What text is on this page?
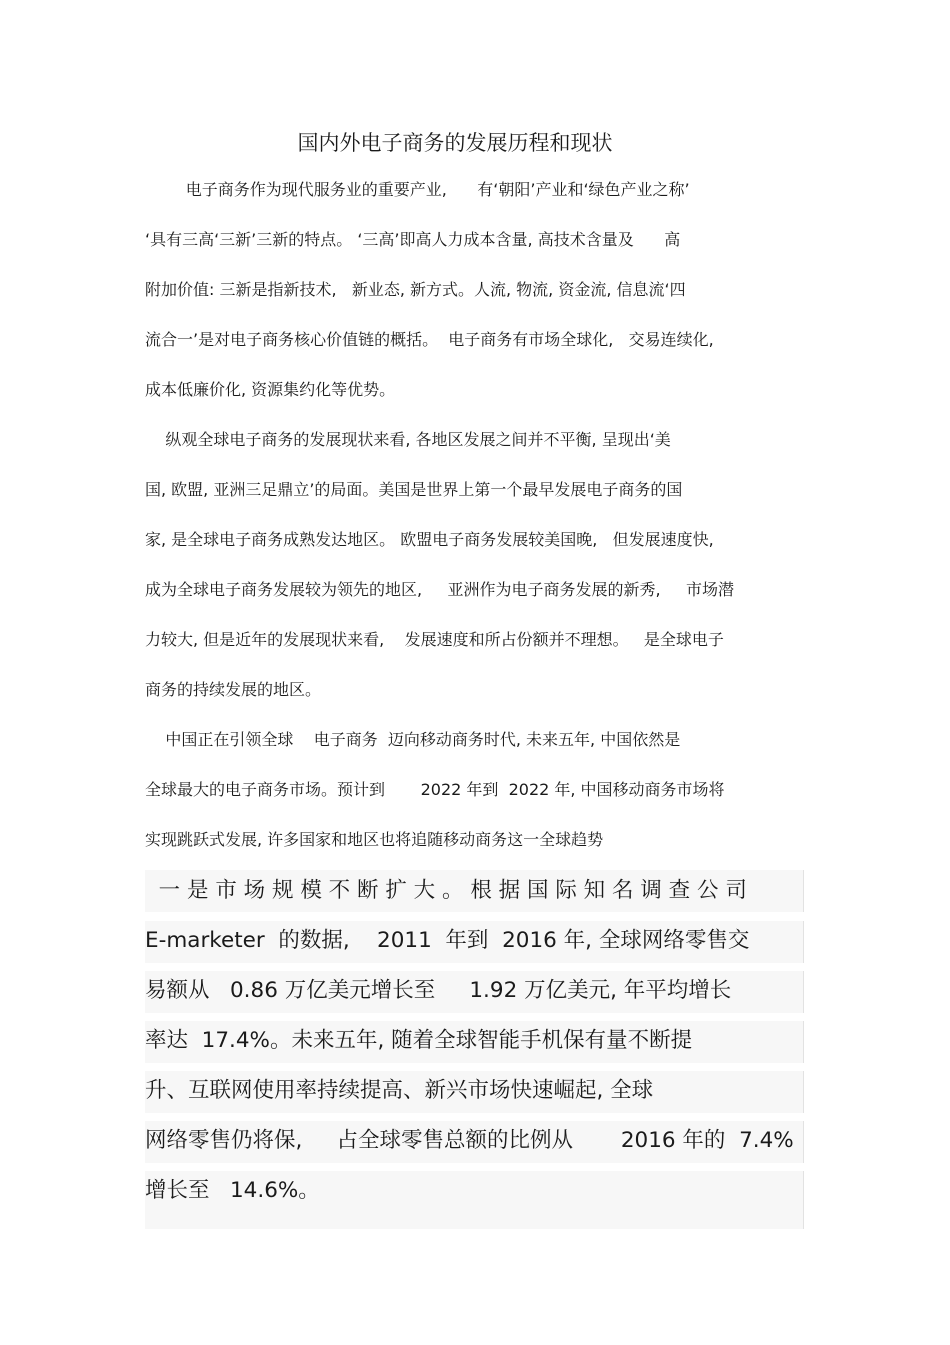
国内外电子商务的发展历程和现状
电子商务作为现代服务业的重要产业,      有‘朝阳’产业和‘绿色产业之称’
‘具有三高‘三新’三新的特点。 ‘三高’即高人力成本含量, 高技术含量及      高
附加价值: 三新是指新技术,   新业态, 新方式。人流, 物流, 资金流, 信息流‘四
流合一’是对电子商务核心价值链的概括。  电子商务有市场全球化,   交易连续化,
成本低廉价化, 资源集约化等优势。
纵观全球电子商务的发展现状来看, 各地区发展之间并不平衡, 呈现出‘美
国, 欧盟, 亚洲三足鼎立’的局面。美国是世界上第一个最早发展电子商务的国
家, 是全球电子商务成熟发达地区。 欧盟电子商务发展较美国晚,   但发展速度快,
成为全球电子商务发展较为领先的地区,     亚洲作为电子商务发展的新秀,     市场潜
力较大, 但是近年的发展现状来看,    发展速度和所占份额并不理想。   是全球电子
商务的持续发展的地区。
中国正在引领全球    电子商务  迈向移动商务时代, 未来五年, 中国依然是
全球最大的电子商务市场。预计到       2022 年到  2022 年, 中国移动商务市场将
实现跳跃式发展, 许多国家和地区也将追随移动商务这一全球趋势
一 是 市 场 规 模 不 断 扩 大 。 根 据 国 际 知 名 调 查 公 司
E-marketer  的数据,    2011  年到  2016 年, 全球网络零售交
易额从   0.86 万亿美元增长至     1.92 万亿美元, 年平均增长
率达  17.4%。未来五年, 随着全球智能手机保有量不断提
升、互联网使用率持续提高、新兴市场快速崛起, 全球
网络零售仍将保,     占全球零售总额的比例从       2016 年的  7.4%
增长至   14.6%。
